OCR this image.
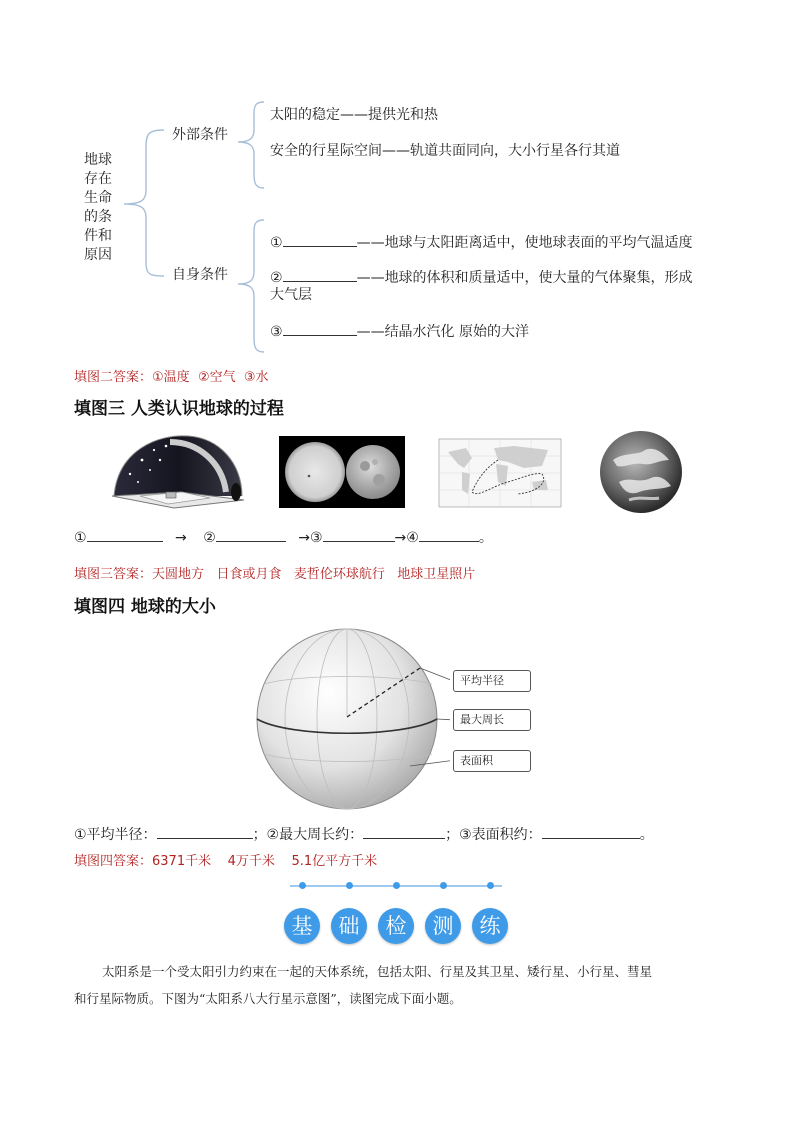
地球
存在
生命
的条
件和
原因
外部条件
太阳的稳定——提供光和热
安全的行星际空间——轨道共面同向，大小行星各行其道
自身条件
①	——地球与太阳距离适中，使地球表面的平均气温适度
②	——地球的体积和质量适中，使大量的气体聚集，形成
大气层
③	——结晶水汽化 原始的大洋
填图二答案：①温度 ②空气 ③水
填图三 人类认识地球的过程
①	→ ②	→③	→④	。
填图三答案：天圆地方 日食或月食 麦哲伦环球航行 地球卫星照片
填图四 地球的大小
平均半径
最大周长
表面积
①平均半径：	；②最大周长约：	；③表面积约：	。
填图四答案：6371千米 4万千米 5.1亿平方千米
基	础	检	测	练
太阳系是一个受太阳引力约束在一起的天体系统，包括太阳、行星及其卫星、矮行星、小行星、彗星
和行星际物质。下图为“太阳系八大行星示意图”，读图完成下面小题。
